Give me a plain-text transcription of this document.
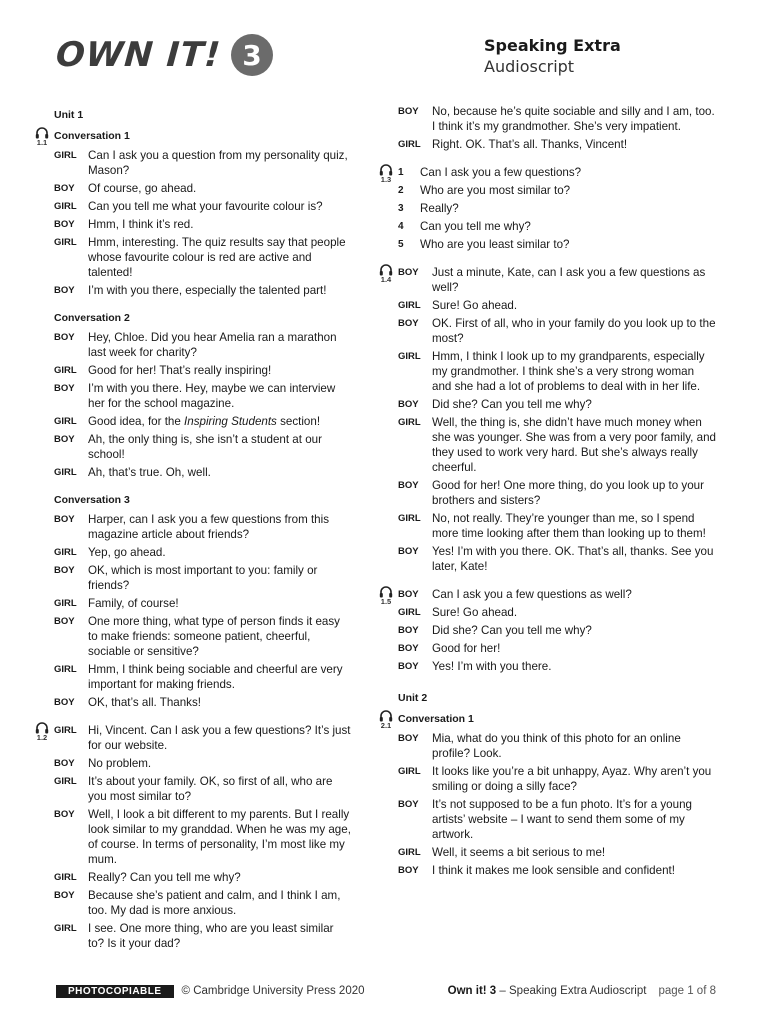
OWN IT! 3	Speaking Extra
Audioscript
Unit 1
1.1
Conversation 1
GIRL Can I ask you a question from my personality quiz, Mason?
BOY	Of course, go ahead.
GIRL Can you tell me what your favourite colour is?
BOY	Hmm, I think it’s red.
GIRL Hmm, interesting. The quiz results say that people whose favourite colour is red are active and talented!
BOY	I’m with you there, especially the talented part!
Conversation 2
BOY	Hey, Chloe. Did you hear Amelia ran a marathon last week for charity?
GIRL Good for her! That’s really inspiring!
BOY	I’m with you there. Hey, maybe we can interview her for the school magazine.
GIRL Good idea, for the Inspiring Students section!
BOY	Ah, the only thing is, she isn’t a student at our school!
GIRL Ah, that’s true. Oh, well.
Conversation 3
BOY	Harper, can I ask you a few questions from this magazine article about friends?
GIRL Yep, go ahead.
BOY	OK, which is most important to you: family or friends?
GIRL Family, of course!
BOY	One more thing, what type of person finds it easy to make friends: someone patient, cheerful, sociable or sensitive?
GIRL Hmm, I think being sociable and cheerful are very important for making friends.
BOY	OK, that’s all. Thanks!
1.2
GIRL Hi, Vincent. Can I ask you a few questions? It’s just for our website.
BOY	No problem.
GIRL It’s about your family. OK, so first of all, who are you most similar to?
BOY	Well, I look a bit different to my parents. But I really look similar to my granddad. When he was my age, of course. In terms of personality, I’m most like my mum.
GIRL Really? Can you tell me why?
BOY	Because she’s patient and calm, and I think I am, too. My dad is more anxious.
GIRL I see. One more thing, who are you least similar to? Is it your dad?
BOY	No, because he’s quite sociable and silly and I am, too. I think it’s my grandmother. She’s very impatient.
GIRL Right. OK. That’s all. Thanks, Vincent!
1.3
1	Can I ask you a few questions?
2	Who are you most similar to?
3	Really?
4	Can you tell me why?
5	Who are you least similar to?
1.4
BOY	Just a minute, Kate, can I ask you a few questions as well?
GIRL Sure! Go ahead.
BOY	OK. First of all, who in your family do you look up to the most?
GIRL Hmm, I think I look up to my grandparents, especially my grandmother. I think she’s a very strong woman and she had a lot of problems to deal with in her life.
BOY	Did she? Can you tell me why?
GIRL Well, the thing is, she didn’t have much money when she was younger. She was from a very poor family, and they used to work very hard. But she’s always really cheerful.
BOY	Good for her! One more thing, do you look up to your brothers and sisters?
GIRL No, not really. They’re younger than me, so I spend more time looking after them than looking up to them!
BOY	Yes! I’m with you there. OK. That’s all, thanks. See you later, Kate!
1.5
BOY	Can I ask you a few questions as well?
GIRL Sure! Go ahead.
BOY	Did she? Can you tell me why?
BOY	Good for her!
BOY	Yes! I’m with you there.
Unit 2
2.1
Conversation 1
BOY	Mia, what do you think of this photo for an online profile? Look.
GIRL It looks like you’re a bit unhappy, Ayaz. Why aren’t you smiling or doing a silly face?
BOY	It’s not supposed to be a fun photo. It’s for a young artists’ website – I want to send them some of my artwork.
GIRL Well, it seems a bit serious to me!
BOY	I think it makes me look sensible and confident!
PHOTOCOPIABLE	© Cambridge University Press 2020	Own it! 3 – Speaking Extra Audioscript page 1 of 8
